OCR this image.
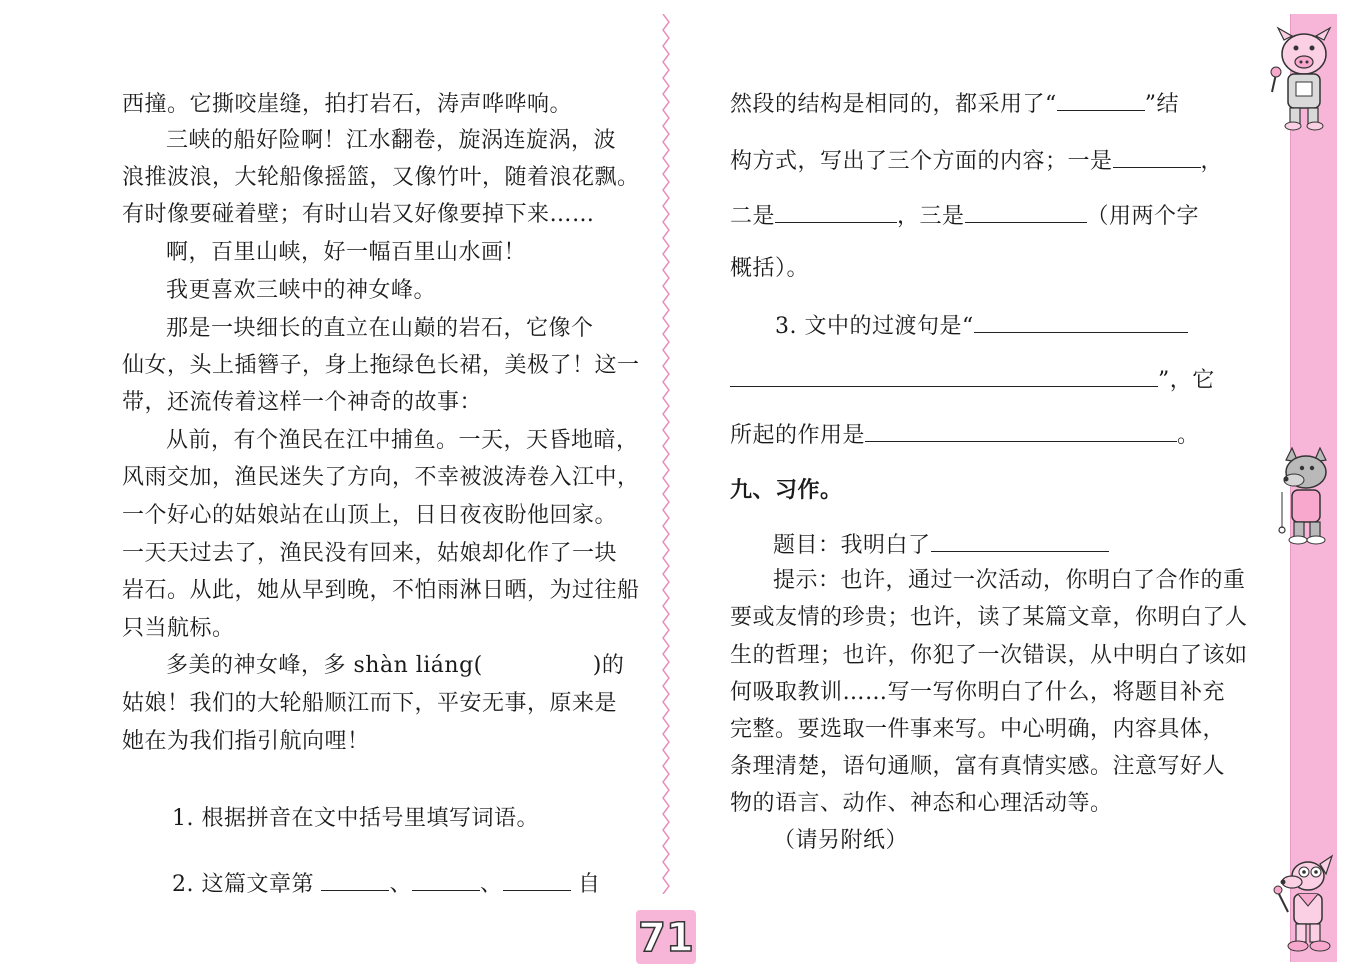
71
西撞。它撕咬崖缝，拍打岩石，涛声哗哗响。
三峡的船好险啊！江水翻卷，旋涡连旋涡，波
浪推波浪，大轮船像摇篮，又像竹叶，随着浪花飘。
有时像要碰着壁；有时山岩又好像要掉下来……
啊，百里山峡，好一幅百里山水画！
我更喜欢三峡中的神女峰。
那是一块细长的直立在山巅的岩石，它像个
仙女，头上插簪子，身上拖绿色长裙，美极了！这一
带，还流传着这样一个神奇的故事：
从前，有个渔民在江中捕鱼。一天，天昏地暗，
风雨交加，渔民迷失了方向，不幸被波涛卷入江中，
一个好心的姑娘站在山顶上，日日夜夜盼他回家。
一天天过去了，渔民没有回来，姑娘却化作了一块
岩石。从此，她从早到晚，不怕雨淋日晒，为过往船
只当航标。
多美的神女峰，多 shàn liáng(	)的
姑娘！我们的大轮船顺江而下，平安无事，原来是
她在为我们指引航向哩！
1. 根据拼音在文中括号里填写词语。
2. 这篇文章第	、	、	自
然段的结构是相同的，都采用了“	”结
构方式，写出了三个方面的内容；一是	，
二是	，三是	（用两个字
概括）。
3. 文中的过渡句是“
”，它
所起的作用是	。
九、习作。
题目：我明白了
提示：也许，通过一次活动，你明白了合作的重
要或友情的珍贵；也许，读了某篇文章，你明白了人
生的哲理；也许，你犯了一次错误，从中明白了该如
何吸取教训……写一写你明白了什么，将题目补充
完整。要选取一件事来写。中心明确，内容具体，
条理清楚，语句通顺，富有真情实感。注意写好人
物的语言、动作、神态和心理活动等。
（请另附纸）
